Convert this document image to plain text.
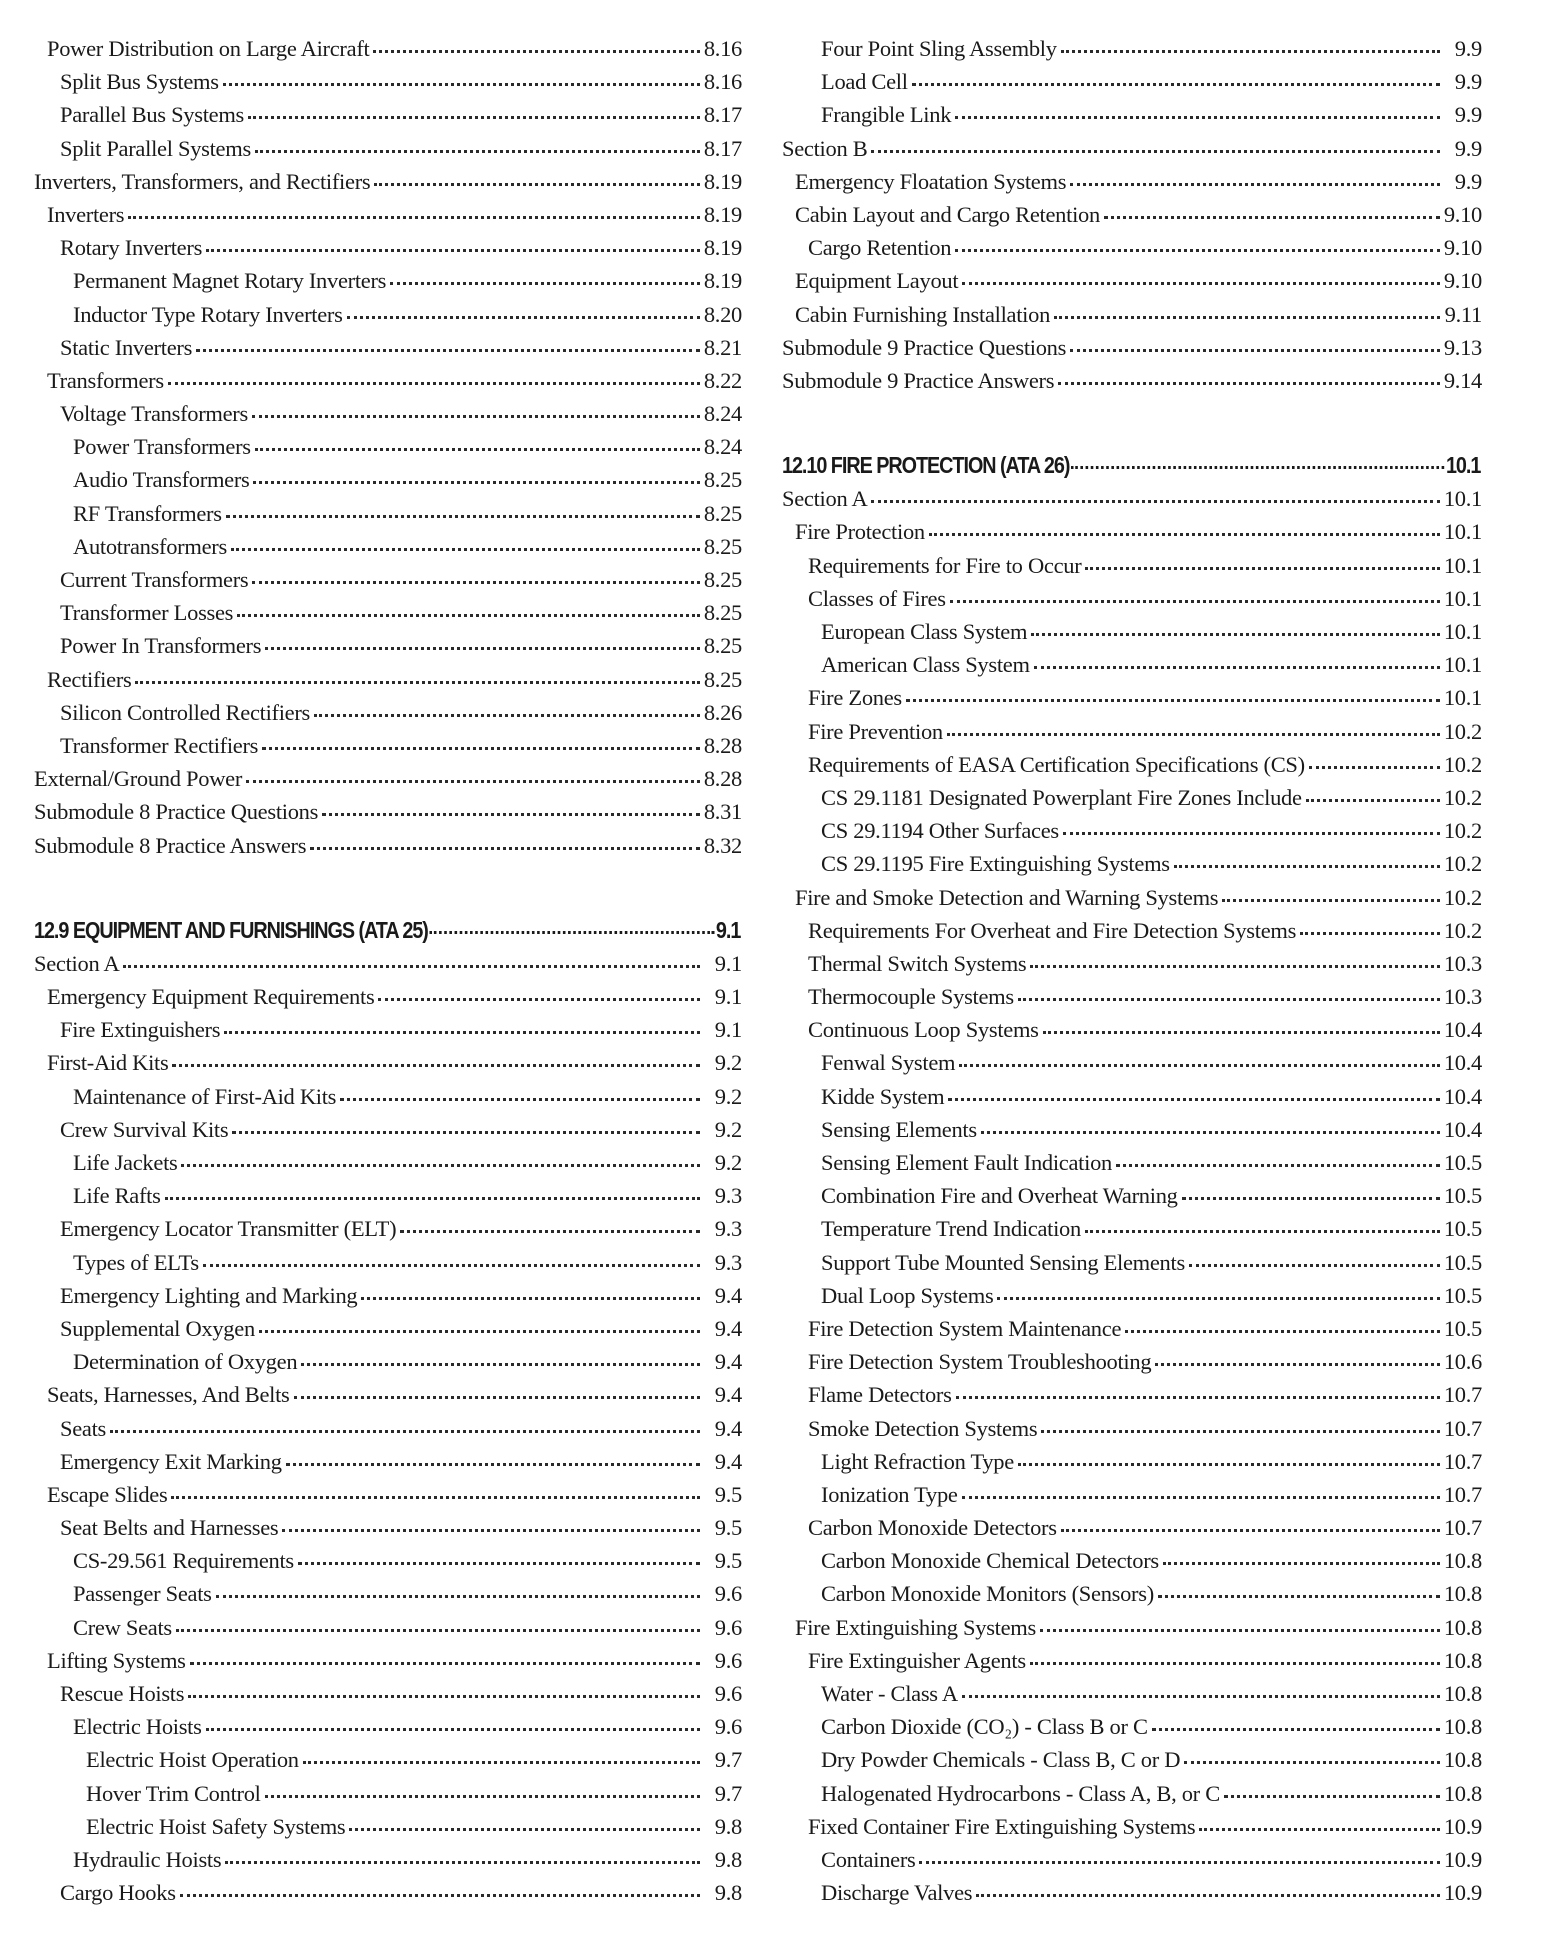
Power Distribution on Large Aircraft	8.16
Split Bus Systems	8.16
Parallel Bus Systems	8.17
Split Parallel Systems	8.17
Inverters, Transformers, and Rectifiers	8.19
Inverters	8.19
Rotary Inverters	8.19
Permanent Magnet Rotary Inverters	8.19
Inductor Type Rotary Inverters	8.20
Static Inverters	8.21
Transformers	8.22
Voltage Transformers	8.24
Power Transformers	8.24
Audio Transformers	8.25
RF Transformers	8.25
Autotransformers	8.25
Current Transformers	8.25
Transformer Losses	8.25
Power In Transformers	8.25
Rectifiers	8.25
Silicon Controlled Rectifiers	8.26
Transformer Rectifiers	8.28
External/Ground Power	8.28
Submodule 8 Practice Questions	8.31
Submodule 8 Practice Answers	8.32
12.9 EQUIPMENT AND FURNISHINGS (ATA 25)	9.1
Section A	9.1
Emergency Equipment Requirements	9.1
Fire Extinguishers	9.1
First-Aid Kits	9.2
Maintenance of First-Aid Kits	9.2
Crew Survival Kits	9.2
Life Jackets	9.2
Life Rafts	9.3
Emergency Locator Transmitter (ELT)	9.3
Types of ELTs	9.3
Emergency Lighting and Marking	9.4
Supplemental Oxygen	9.4
Determination of Oxygen	9.4
Seats, Harnesses, And Belts	9.4
Seats	9.4
Emergency Exit Marking	9.4
Escape Slides	9.5
Seat Belts and Harnesses	9.5
CS-29.561 Requirements	9.5
Passenger Seats	9.6
Crew Seats	9.6
Lifting Systems	9.6
Rescue Hoists	9.6
Electric Hoists	9.6
Electric Hoist Operation	9.7
Hover Trim Control	9.7
Electric Hoist Safety Systems	9.8
Hydraulic Hoists	9.8
Cargo Hooks	9.8
Four Point Sling Assembly	9.9
Load Cell	9.9
Frangible Link	9.9
Section B	9.9
Emergency Floatation Systems	9.9
Cabin Layout and Cargo Retention	9.10
Cargo Retention	9.10
Equipment Layout	9.10
Cabin Furnishing Installation	9.11
Submodule 9 Practice Questions	9.13
Submodule 9 Practice Answers	9.14
12.10 FIRE PROTECTION (ATA 26)	10.1
Section A	10.1
Fire Protection	10.1
Requirements for Fire to Occur	10.1
Classes of Fires	10.1
European Class System	10.1
American Class System	10.1
Fire Zones	10.1
Fire Prevention	10.2
Requirements of EASA Certification Specifications (CS)	10.2
CS 29.1181 Designated Powerplant Fire Zones Include	10.2
CS 29.1194 Other Surfaces	10.2
CS 29.1195 Fire Extinguishing Systems	10.2
Fire and Smoke Detection and Warning Systems	10.2
Requirements For Overheat and Fire Detection Systems	10.2
Thermal Switch Systems	10.3
Thermocouple Systems	10.3
Continuous Loop Systems	10.4
Fenwal System	10.4
Kidde System	10.4
Sensing Elements	10.4
Sensing Element Fault Indication	10.5
Combination Fire and Overheat Warning	10.5
Temperature Trend Indication	10.5
Support Tube Mounted Sensing Elements	10.5
Dual Loop Systems	10.5
Fire Detection System Maintenance	10.5
Fire Detection System Troubleshooting	10.6
Flame Detectors	10.7
Smoke Detection Systems	10.7
Light Refraction Type	10.7
Ionization Type	10.7
Carbon Monoxide Detectors	10.7
Carbon Monoxide Chemical Detectors	10.8
Carbon Monoxide Monitors (Sensors)	10.8
Fire Extinguishing Systems	10.8
Fire Extinguisher Agents	10.8
Water - Class A	10.8
Carbon Dioxide (CO₂) - Class B or C	10.8
Dry Powder Chemicals - Class B, C or D	10.8
Halogenated Hydrocarbons - Class A, B, or C	10.8
Fixed Container Fire Extinguishing Systems	10.9
Containers	10.9
Discharge Valves	10.9
